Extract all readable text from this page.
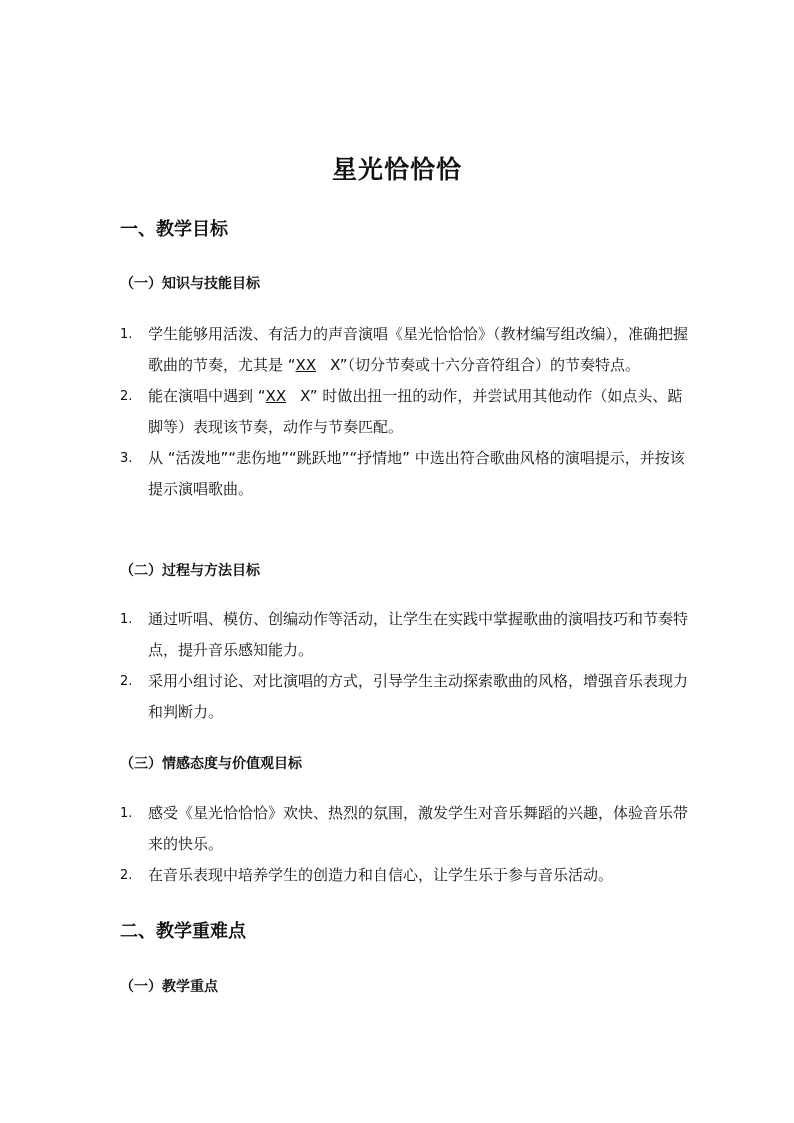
星光恰恰恰
一、教学目标
（一）知识与技能目标
1. 学生能够用活泼、有活力的声音演唱《星光恰恰恰》（教材编写组改编），准确把握歌曲的节奏，尤其是 “XX X”（切分节奏或十六分音符组合）的节奏特点。
2. 能在演唱中遇到 “XX X” 时做出扭一扭的动作，并尝试用其他动作（如点头、踮脚等）表现该节奏，动作与节奏匹配。
3. 从 “活泼地”“悲伤地”“跳跃地”“抒情地” 中选出符合歌曲风格的演唱提示，并按该提示演唱歌曲。
（二）过程与方法目标
1. 通过听唱、模仿、创编动作等活动，让学生在实践中掌握歌曲的演唱技巧和节奏特点，提升音乐感知能力。
2. 采用小组讨论、对比演唱的方式，引导学生主动探索歌曲的风格，增强音乐表现力和判断力。
（三）情感态度与价值观目标
1. 感受《星光恰恰恰》欢快、热烈的氛围，激发学生对音乐舞蹈的兴趣，体验音乐带来的快乐。
2. 在音乐表现中培养学生的创造力和自信心，让学生乐于参与音乐活动。
二、教学重难点
（一）教学重点
